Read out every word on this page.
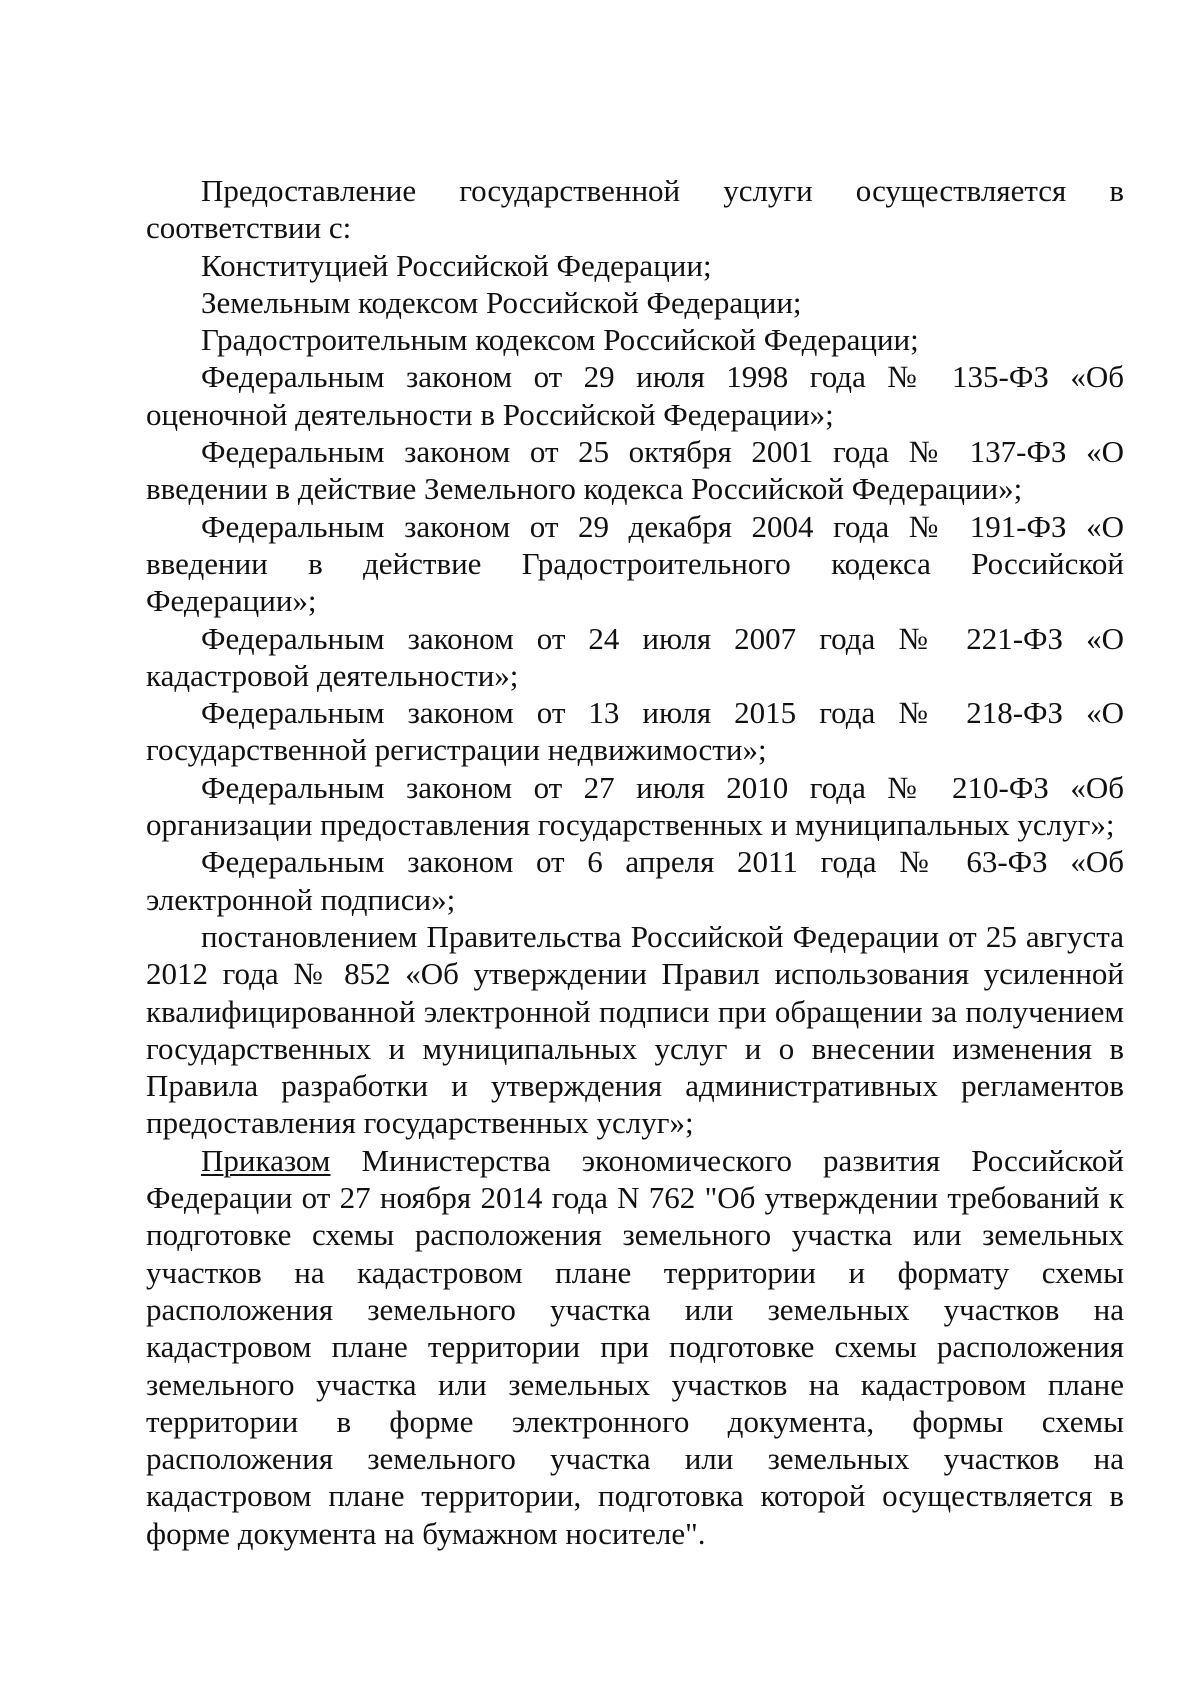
Предоставление государственной услуги осуществляется в соответствии с:

Конституцией Российской Федерации;

Земельным кодексом Российской Федерации;

Градостроительным кодексом Российской Федерации;

Федеральным законом от 29 июля 1998 года № 135-ФЗ «Об оценочной деятельности в Российской Федерации»;

Федеральным законом от 25 октября 2001 года № 137-ФЗ «О введении в действие Земельного кодекса Российской Федерации»;

Федеральным законом от 29 декабря 2004 года № 191-ФЗ «О введении в действие Градостроительного кодекса Российской Федерации»;

Федеральным законом от 24 июля 2007 года № 221-ФЗ «О кадастровой деятельности»;

Федеральным законом от 13 июля 2015 года № 218-ФЗ «О государственной регистрации недвижимости»;

Федеральным законом от 27 июля 2010 года № 210-ФЗ «Об организации предоставления государственных и муниципальных услуг»;

Федеральным законом от 6 апреля 2011 года № 63-ФЗ «Об электронной подписи»;

постановлением Правительства Российской Федерации от 25 августа 2012 года № 852 «Об утверждении Правил использования усиленной квалифицированной электронной подписи при обращении за получением государственных и муниципальных услуг и о внесении изменения в Правила разработки и утверждения административных регламентов предоставления государственных услуг»;

Приказом Министерства экономического развития Российской Федерации от 27 ноября 2014 года N 762 "Об утверждении требований к подготовке схемы расположения земельного участка или земельных участков на кадастровом плане территории и формату схемы расположения земельного участка или земельных участков на кадастровом плане территории при подготовке схемы расположения земельного участка или земельных участков на кадастровом плане территории в форме электронного документа, формы схемы расположения земельного участка или земельных участков на кадастровом плане территории, подготовка которой осуществляется в форме документа на бумажном носителе".
